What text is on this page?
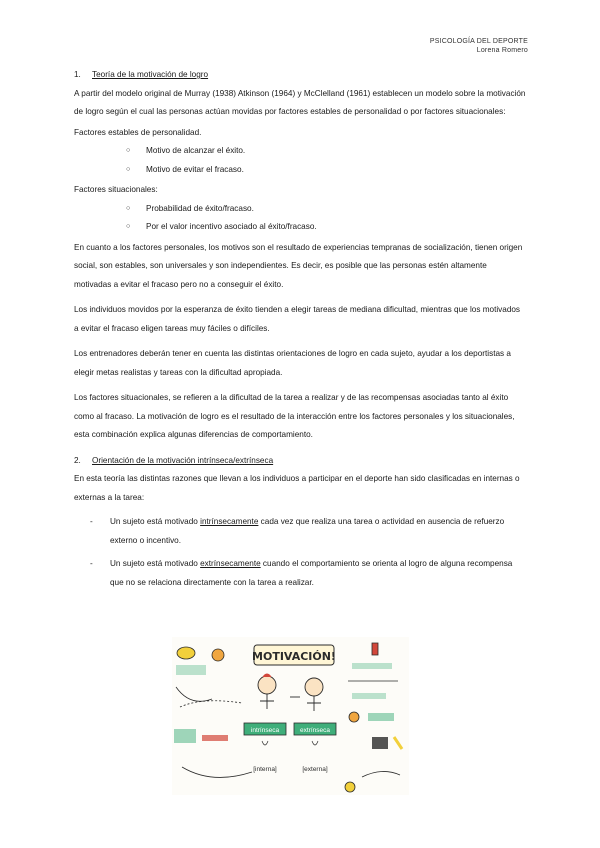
PSICOLOGÍA DEL DEPORTE
Lorena Romero

1. Teoría de la motivación de logro

A partir del modelo original de Murray (1938) Atkinson (1964) y McClelland (1961) establecen un modelo sobre la motivación de logro según el cual las personas actúan movidas por factores estables de personalidad o por factores situacionales:

Factores estables de personalidad.

○	Motivo de alcanzar el éxito.
○	Motivo de evitar el fracaso.

Factores situacionales:

○	Probabilidad de éxito/fracaso.
○	Por el valor incentivo asociado al éxito/fracaso.

En cuanto a los factores personales, los motivos son el resultado de experiencias tempranas de socialización, tienen origen social, son estables, son universales y son independientes. Es decir, es posible que las personas estén altamente motivadas a evitar el fracaso pero no a conseguir el éxito.

Los individuos movidos por la esperanza de éxito tienden a elegir tareas de mediana dificultad, mientras que los motivados a evitar el fracaso eligen tareas muy fáciles o difíciles.

Los entrenadores deberán tener en cuenta las distintas orientaciones de logro en cada sujeto, ayudar a los deportistas a elegir metas realistas y tareas con la dificultad apropiada.

Los factores situacionales, se refieren a la dificultad de la tarea a realizar y de las recompensas asociadas tanto al éxito como al fracaso. La motivación de logro es el resultado de la interacción entre los factores personales y los situacionales, esta combinación explica algunas diferencias de comportamiento.

2. Orientación de la motivación intrínseca/extrínseca

En esta teoría las distintas razones que llevan a los individuos a participar en el deporte han sido clasificadas en internas o externas a la tarea:

- Un sujeto está motivado intrínsecamente cada vez que realiza una tarea o actividad en ausencia de refuerzo externo o incentivo.
- Un sujeto está motivado extrínsecamente cuando el comportamiento se orienta al logro de alguna recompensa que no se relaciona directamente con la tarea a realizar.
MOTIVACIÓN!
intrínseca	extrínseca
[interna]	[externa]
